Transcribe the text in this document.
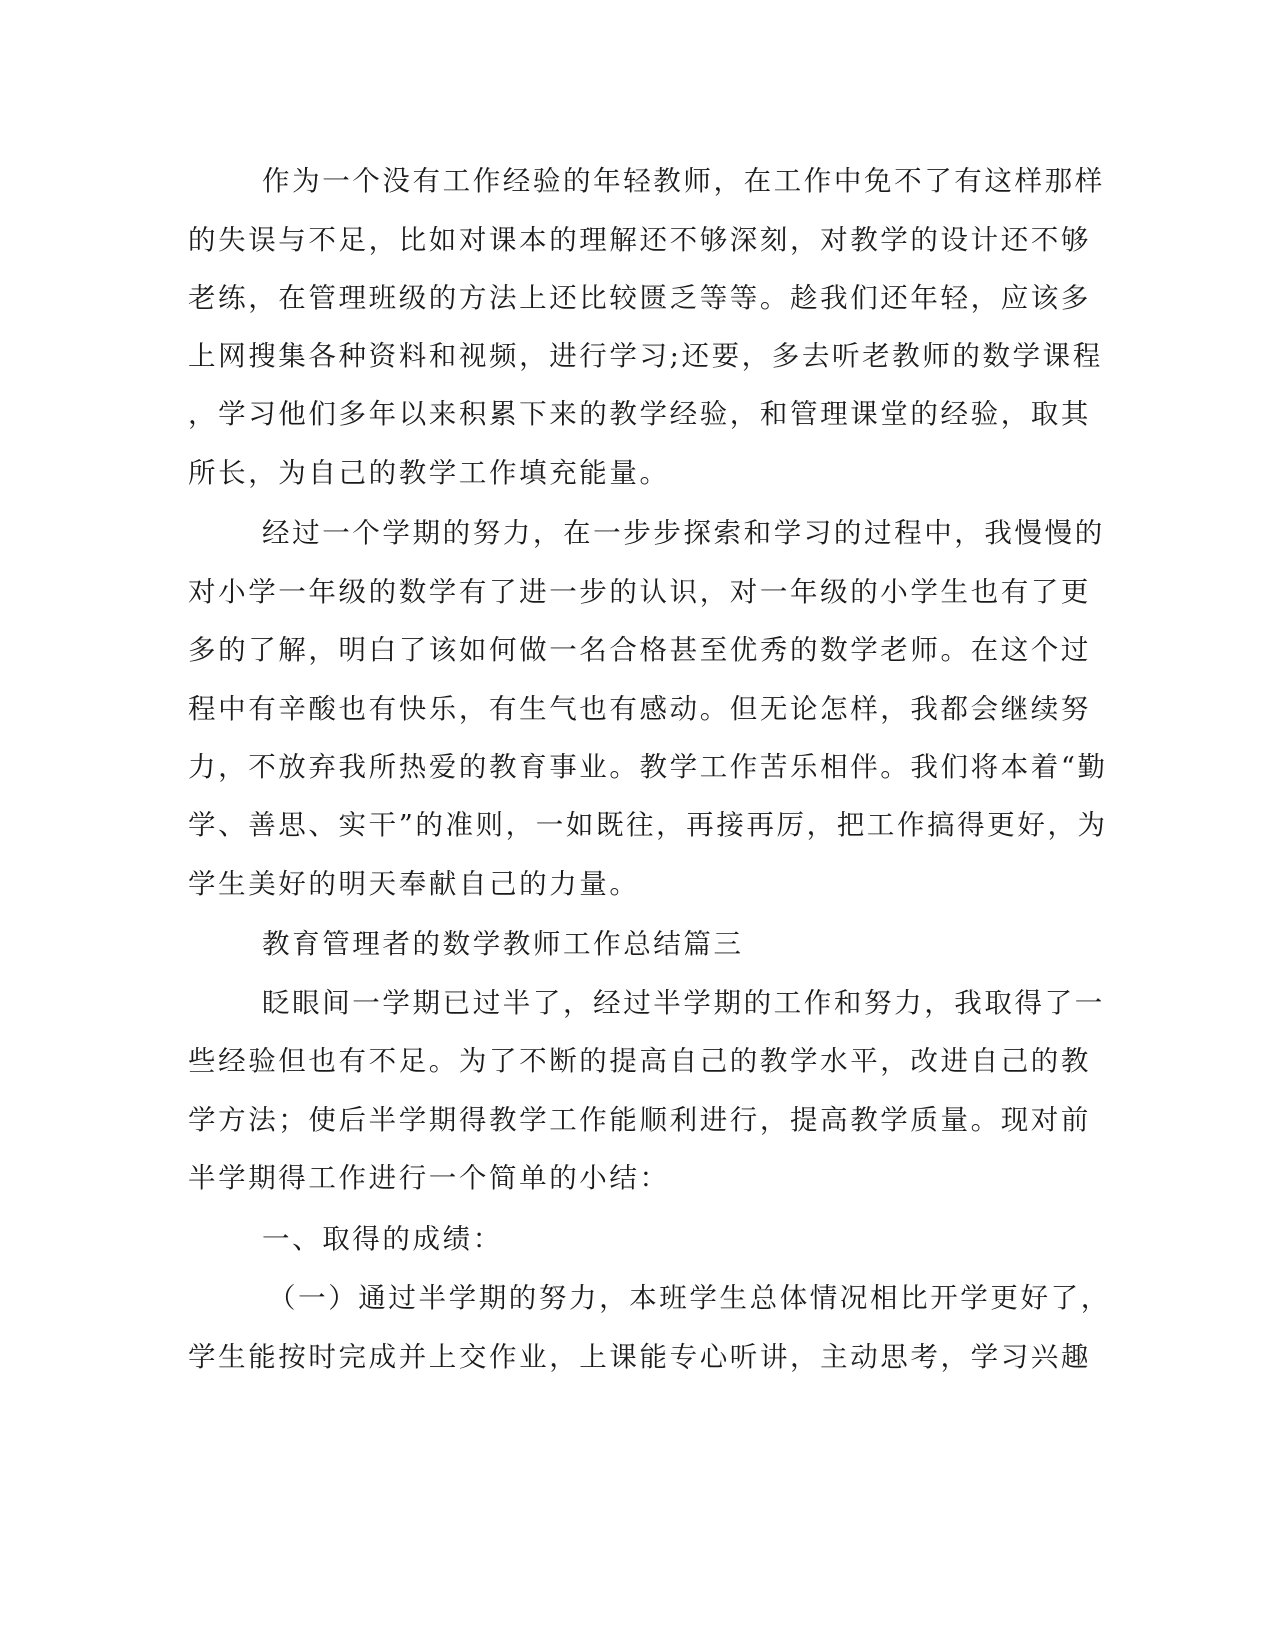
作为一个没有工作经验的年轻教师，在工作中免不了有这样那样

的失误与不足，比如对课本的理解还不够深刻，对教学的设计还不够

老练，在管理班级的方法上还比较匮乏等等。趁我们还年轻，应该多

上网搜集各种资料和视频，进行学习;还要，多去听老教师的数学课程

，学习他们多年以来积累下来的教学经验，和管理课堂的经验，取其

所长，为自己的教学工作填充能量。

经过一个学期的努力，在一步步探索和学习的过程中，我慢慢的

对小学一年级的数学有了进一步的认识，对一年级的小学生也有了更

多的了解，明白了该如何做一名合格甚至优秀的数学老师。在这个过

程中有辛酸也有快乐，有生气也有感动。但无论怎样，我都会继续努

力，不放弃我所热爱的教育事业。教学工作苦乐相伴。我们将本着“勤

学、善思、实干”的准则，一如既往，再接再厉，把工作搞得更好，为

学生美好的明天奉献自己的力量。

教育管理者的数学教师工作总结篇三

眨眼间一学期已过半了，经过半学期的工作和努力，我取得了一

些经验但也有不足。为了不断的提高自己的教学水平，改进自己的教

学方法；使后半学期得教学工作能顺利进行，提高教学质量。现对前

半学期得工作进行一个简单的小结：

一、取得的成绩：

（一）通过半学期的努力，本班学生总体情况相比开学更好了，

学生能按时完成并上交作业，上课能专心听讲，主动思考，学习兴趣
